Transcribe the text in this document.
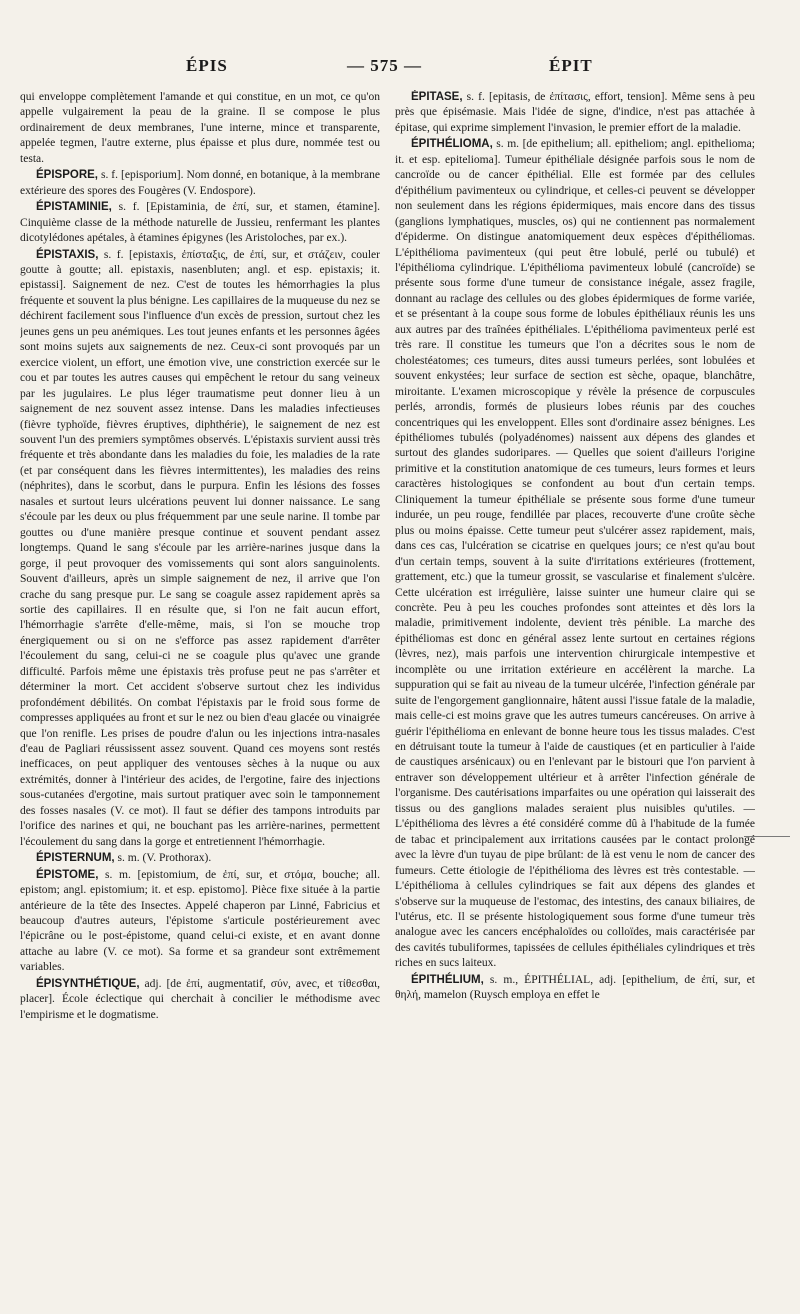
ÉPIS	— 575 —	ÉPIT

qui enveloppe complètement l'amande et qui constitue, en un mot, ce qu'on appelle vulgairement la peau de la graine. Il se compose le plus ordinairement de deux membranes, l'une interne, mince et transparente, appelée tegmen, l'autre externe, plus épaisse et plus dure, nommée test ou testa.

ÉPISPORE, s. f. [episporium]. Nom donné, en botanique, à la membrane extérieure des spores des Fougères (V. Endospore).

ÉPISTAMINIE, s. f. [Epistaminia, de ἐπί, sur, et stamen, étamine]. Cinquième classe de la méthode naturelle de Jussieu, renfermant les plantes dicotylédones apétales, à étamines épigynes (les Aristoloches, par ex.).

ÉPISTAXIS, s. f. [epistaxis, ἐπίσταξις, de ἐπί, sur, et στάζειν, couler goutte à goutte; all. epistaxis, nasenbluten; angl. et esp. epistaxis; it. epistassi]. Saignement de nez. C'est de toutes les hémorrhagies la plus fréquente et souvent la plus bénigne. Les capillaires de la muqueuse du nez se déchirent facilement sous l'influence d'un excès de pression, surtout chez les jeunes gens un peu anémiques. Les tout jeunes enfants et les personnes âgées sont moins sujets aux saignements de nez. Ceux-ci sont provoqués par un exercice violent, un effort, une émotion vive, une constriction exercée sur le cou et par toutes les autres causes qui empêchent le retour du sang veineux par les jugulaires. Le plus léger traumatisme peut donner lieu à un saignement de nez souvent assez intense. Dans les maladies infectieuses (fièvre typhoïde, fièvres éruptives, diphthérie), le saignement de nez est souvent l'un des premiers symptômes observés. L'épistaxis survient aussi très fréquente et très abondante dans les maladies du foie, les maladies de la rate (et par conséquent dans les fièvres intermittentes), les maladies des reins (néphrites), dans le scorbut, dans le purpura. Enfin les lésions des fosses nasales et surtout leurs ulcérations peuvent lui donner naissance. Le sang s'écoule par les deux ou plus fréquemment par une seule narine. Il tombe par gouttes ou d'une manière presque continue et souvent pendant assez longtemps. Quand le sang s'écoule par les arrière-narines jusque dans la gorge, il peut provoquer des vomissements qui sont alors sanguinolents. Souvent d'ailleurs, après un simple saignement de nez, il arrive que l'on crache du sang presque pur. Le sang se coagule assez rapidement après sa sortie des capillaires. Il en résulte que, si l'on ne fait aucun effort, l'hémorrhagie s'arrête d'elle-même, mais, si l'on se mouche trop énergiquement ou si on ne s'efforce pas assez rapidement d'arrêter l'écoulement du sang, celui-ci ne se coagule plus qu'avec une grande difficulté. Parfois même une épistaxis très profuse peut ne pas s'arrêter et déterminer la mort. Cet accident s'observe surtout chez les individus profondément débilités. On combat l'épistaxis par le froid sous forme de compresses appliquées au front et sur le nez ou bien d'eau glacée ou vinaigrée que l'on renifle. Les prises de poudre d'alun ou les injections intra-nasales d'eau de Pagliari réussissent assez souvent. Quand ces moyens sont restés inefficaces, on peut appliquer des ventouses sèches à la nuque ou aux extrémités, donner à l'intérieur des acides, de l'ergotine, faire des injections sous-cutanées d'ergotine, mais surtout pratiquer avec soin le tamponnement des fosses nasales (V. ce mot). Il faut se défier des tampons introduits par l'orifice des narines et qui, ne bouchant pas les arrière-narines, permettent l'écoulement du sang dans la gorge et entretiennent l'hémorrhagie.

ÉPISTERNUM, s. m. (V. Prothorax).

ÉPISTOME, s. m. [epistomium, de ἐπί, sur, et στόμα, bouche; all. epistom; angl. epistomium; it. et esp. epistomo]. Pièce fixe située à la partie antérieure de la tête des Insectes. Appelé chaperon par Linné, Fabricius et beaucoup d'autres auteurs, l'épistome s'articule postérieurement avec l'épicrâne ou le post-épistome, quand celui-ci existe, et en avant donne attache au labre (V. ce mot). Sa forme et sa grandeur sont extrêmement variables.

ÉPISYNTHÉTIQUE, adj. [de ἐπί, augmentatif, σύν, avec, et τίθεσθαι, placer]. École éclectique qui cherchait à concilier le méthodisme avec l'empirisme et le dogmatisme.

ÉPITASE, s. f. [epitasis, de ἐπίτασις, effort, tension]. Même sens à peu près que épisémasie. Mais l'idée de signe, d'indice, n'est pas attachée à épitase, qui exprime simplement l'invasion, le premier effort de la maladie.

ÉPITHÉLIOMA, s. m. [de epithelium; all. epitheliom; angl. epithelioma; it. et esp. epitelioma]. Tumeur épithéliale désignée parfois sous le nom de cancroïde ou de cancer épithélial. Elle est formée par des cellules d'épithélium pavimenteux ou cylindrique, et celles-ci peuvent se développer non seulement dans les régions épidermiques, mais encore dans des tissus (ganglions lymphatiques, muscles, os) qui ne contiennent pas normalement d'épiderme. On distingue anatomiquement deux espèces d'épithéliomas. L'épithélioma pavimenteux (qui peut être lobulé, perlé ou tubulé) et l'épithélioma cylindrique. L'épithélioma pavimenteux lobulé (cancroïde) se présente sous forme d'une tumeur de consistance inégale, assez fragile, donnant au raclage des cellules ou des globes épidermiques de forme variée, et se présentant à la coupe sous forme de lobules épithéliaux réunis les uns aux autres par des traînées épithéliales. L'épithélioma pavimenteux perlé est très rare. Il constitue les tumeurs que l'on a décrites sous le nom de cholestéatomes; ces tumeurs, dites aussi tumeurs perlées, sont lobulées et souvent enkystées; leur surface de section est sèche, opaque, blanchâtre, miroitante. L'examen microscopique y révèle la présence de corpuscules perlés, arrondis, formés de plusieurs lobes réunis par des couches concentriques qui les enveloppent. Elles sont d'ordinaire assez bénignes. Les épithéliomes tubulés (polyadénomes) naissent aux dépens des glandes et surtout des glandes sudoripares. — Quelles que soient d'ailleurs l'origine primitive et la constitution anatomique de ces tumeurs, leurs formes et leurs caractères histologiques se confondent au bout d'un certain temps. Cliniquement la tumeur épithéliale se présente sous forme d'une tumeur indurée, un peu rouge, fendillée par places, recouverte d'une croûte sèche plus ou moins épaisse. Cette tumeur peut s'ulcérer assez rapidement, mais, dans ces cas, l'ulcération se cicatrise en quelques jours; ce n'est qu'au bout d'un certain temps, souvent à la suite d'irritations extérieures (frottement, grattement, etc.) que la tumeur grossit, se vascularise et finalement s'ulcère. Cette ulcération est irrégulière, laisse suinter une humeur claire qui se concrète. Peu à peu les couches profondes sont atteintes et dès lors la maladie, primitivement indolente, devient très pénible. La marche des épithéliomas est donc en général assez lente surtout en certaines régions (lèvres, nez), mais parfois une intervention chirurgicale intempestive et incomplète ou une irritation extérieure en accélèrent la marche. La suppuration qui se fait au niveau de la tumeur ulcérée, l'infection générale par suite de l'engorgement ganglionnaire, hâtent aussi l'issue fatale de la maladie, mais celle-ci est moins grave que les autres tumeurs cancéreuses. On arrive à guérir l'épithélioma en enlevant de bonne heure tous les tissus malades. C'est en détruisant toute la tumeur à l'aide de caustiques (et en particulier à l'aide de caustiques arsénicaux) ou en l'enlevant par le bistouri que l'on parvient à entraver son développement ultérieur et à arrêter l'infection générale de l'organisme. Des cautérisations imparfaites ou une opération qui laisserait des tissus ou des ganglions malades seraient plus nuisibles qu'utiles. — L'épithélioma des lèvres a été considéré comme dû à l'habitude de la fumée de tabac et principalement aux irritations causées par le contact prolongé avec la lèvre d'un tuyau de pipe brûlant: de là est venu le nom de cancer des fumeurs. Cette étiologie de l'épithélioma des lèvres est très contestable. — L'épithélioma à cellules cylindriques se fait aux dépens des glandes et s'observe sur la muqueuse de l'estomac, des intestins, des canaux biliaires, de l'utérus, etc. Il se présente histologiquement sous forme d'une tumeur très analogue avec les cancers encéphaloïdes ou colloïdes, mais caractérisée par des cavités tubuliformes, tapissées de cellules épithéliales cylindriques et très riches en sucs laiteux.

ÉPITHÉLIUM, s. m., ÉPITHÉLIAL, adj. [epithelium, de ἐπί, sur, et θηλή, mamelon (Ruysch employa en effet le
